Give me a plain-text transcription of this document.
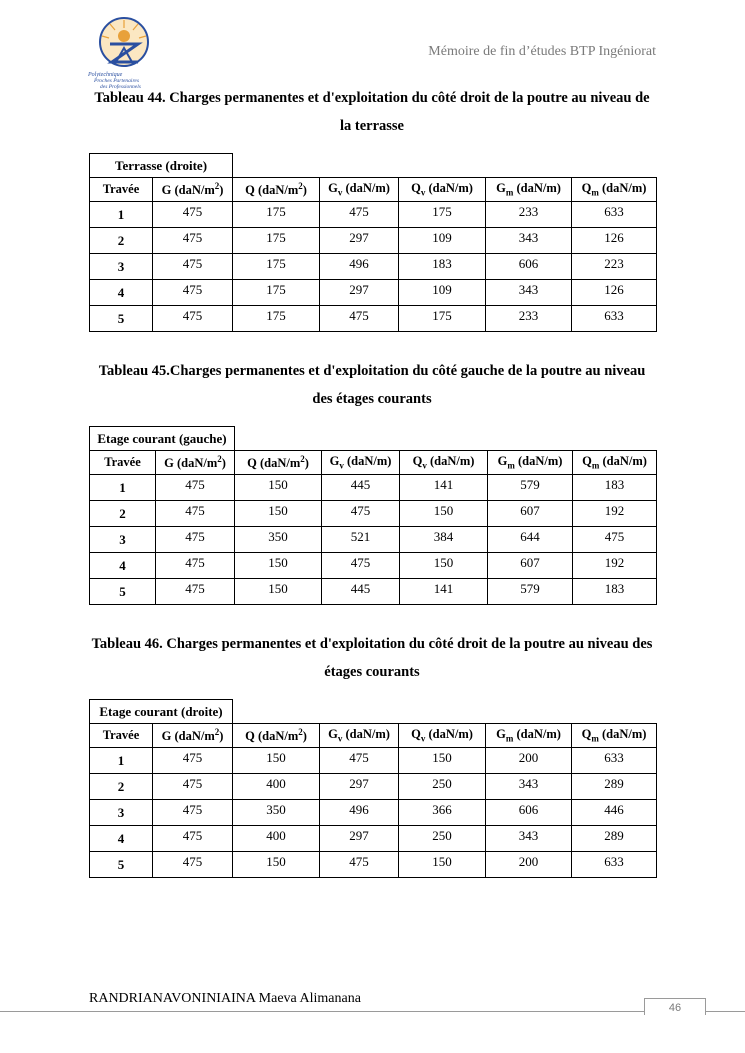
Polytechnique
Proches Partenaires
des Professionnels
Mémoire de fin d’études BTP Ingéniorat
Tableau 44. Charges permanentes et d'exploitation du côté droit de la poutre au niveau de la terrasse
Terrasse (droite)						
Travée	G $(daN/m^2)$	Q $(daN/m^2)$	$G_v$ (daN/m)	$Q_v$ (daN/m)	$G_m$ (daN/m)	$Q_m$ (daN/m)
1	475	175	475	175	233	633
2	475	175	297	109	343	126
3	475	175	496	183	606	223
4	475	175	297	109	343	126
5	475	175	475	175	233	633
Tableau 45.Charges permanentes et d'exploitation du côté gauche de la poutre au niveau des étages courants
Etage courant (gauche)						
Travée	G $(daN/m^2)$	Q $(daN/m^2)$	$G_v$ (daN/m)	$Q_v$ (daN/m)	$G_m$ (daN/m)	$Q_m$ (daN/m)
1	475	150	445	141	579	183
2	475	150	475	150	607	192
3	475	350	521	384	644	475
4	475	150	475	150	607	192
5	475	150	445	141	579	183
Tableau 46. Charges permanentes et d'exploitation du côté droit de la poutre au niveau des étages courants
Etage courant (droite)						
Travée	G $(daN/m^2)$	Q $(daN/m^2)$	$G_v$ (daN/m)	$Q_v$ (daN/m)	$G_m$ (daN/m)	$Q_m$ (daN/m)
1	475	150	475	150	200	633
2	475	400	297	250	343	289
3	475	350	496	366	606	446
4	475	400	297	250	343	289
5	475	150	475	150	200	633
RANDRIANAVONINIAINA Maeva Alimanana
46
